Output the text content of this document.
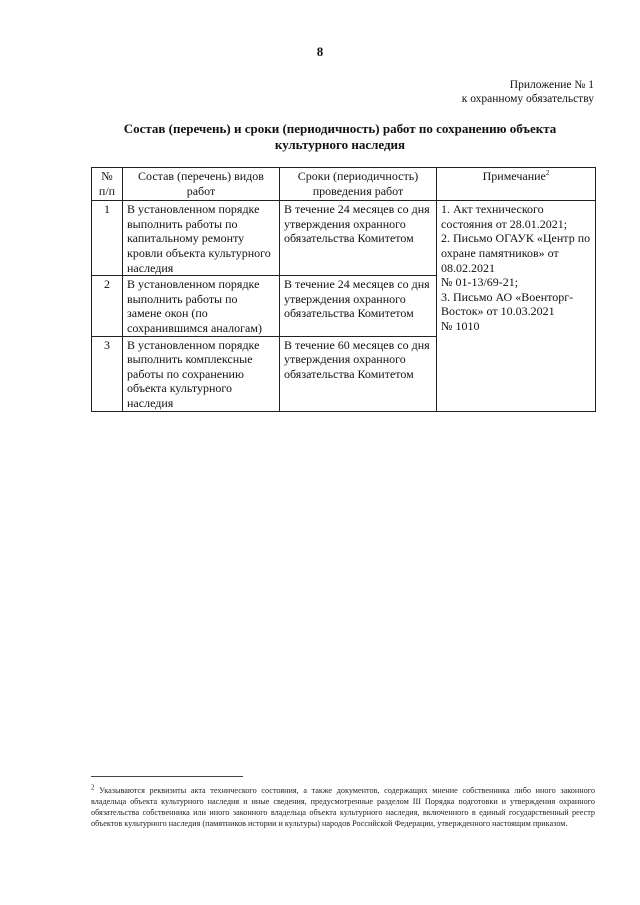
8
Приложение № 1
к охранному обязательству
Состав (перечень) и сроки (периодичность) работ по сохранению объекта культурного наследия
№ п/п	Состав (перечень) видов работ	Сроки (периодичность) проведения работ	Примечание$^2$
1	В установленном порядке выполнить работы по капитальному ремонту кровли объекта культурного наследия	В течение 24 месяцев со дня утверждения охранного обязательства Комитетом	1. Акт технического состояния от 28.01.2021;
2. Письмо ОГАУК «Центр по охране памятников» от 08.02.2021
№ 01-13/69-21;
3. Письмо АО «Военторг-Восток» от 10.03.2021
№ 1010

2	В установленном порядке выполнить работы по замене окон (по сохранившимся аналогам)	В течение 24 месяцев со дня утверждения охранного обязательства Комитетом	
3	В установленном порядке выполнить комплексные работы по сохранению объекта культурного наследия	В течение 60 месяцев со дня утверждения охранного обязательства Комитетом	
$^2$ Указываются реквизиты акта технического состояния, а также документов, содержащих мнение собственника либо иного законного владельца объекта культурного наследия и иные сведения, предусмотренные разделом III Порядка подготовки и утверждения охранного обязательства собственника или иного законного владельца объекта культурного наследия, включенного в единый государственный реестр объектов культурного наследия (памятников истории и культуры) народов Российской Федерации, утвержденного настоящим приказом.
